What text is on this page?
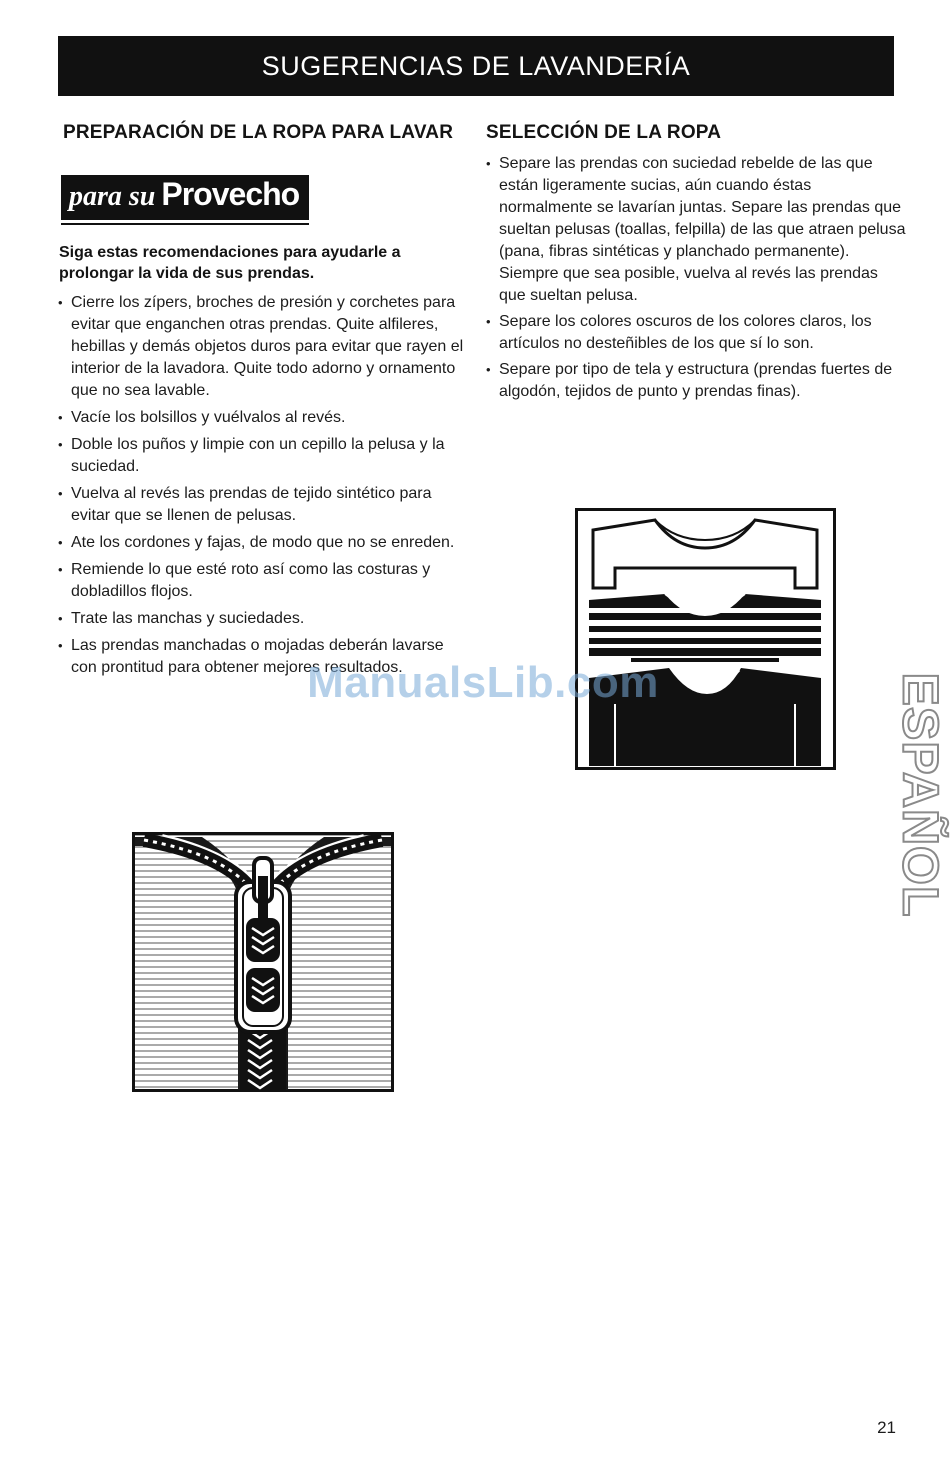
SUGERENCIAS DE LAVANDERÍA
PREPARACIÓN DE LA ROPA PARA LAVAR
para su Provecho

Siga estas recomendaciones para ayudarle a prolongar la vida de sus prendas.

• Cierre los zípers, broches de presión y corchetes para evitar que enganchen otras prendas. Quite alfileres, hebillas y demás objetos duros para evitar que rayen el interior de la lavadora. Quite todo adorno y ornamento que no sea lavable.
• Vacíe los bolsillos y vuélvalos al revés.
• Doble los puños y limpie con un cepillo la pelusa y la suciedad.
• Vuelva al revés las prendas de tejido sintético para evitar que se llenen de pelusas.
• Ate los cordones y fajas, de modo que no se enreden.
• Remiende lo que esté roto así como las costuras y dobladillos flojos.
• Trate las manchas y suciedades.
• Las prendas manchadas o mojadas deberán lavarse con prontitud para obtener mejores resultados.
SELECCIÓN DE LA ROPA
• Separe las prendas con suciedad rebelde de las que están ligeramente sucias, aún cuando éstas normalmente se lavarían juntas. Separe las prendas que sueltan pelusas (toallas, felpilla) de las que atraen pelusa (pana, fibras sintéticas y planchado permanente). Siempre que sea posible, vuelva al revés las prendas que sueltan pelusa.
• Separe los colores oscuros de los colores claros, los artículos no desteñibles de los que sí lo son.
• Separe por tipo de tela y estructura (prendas fuertes de algodón, tejidos de punto y prendas finas).
ESPAÑOL
ManualsLib.com
21
